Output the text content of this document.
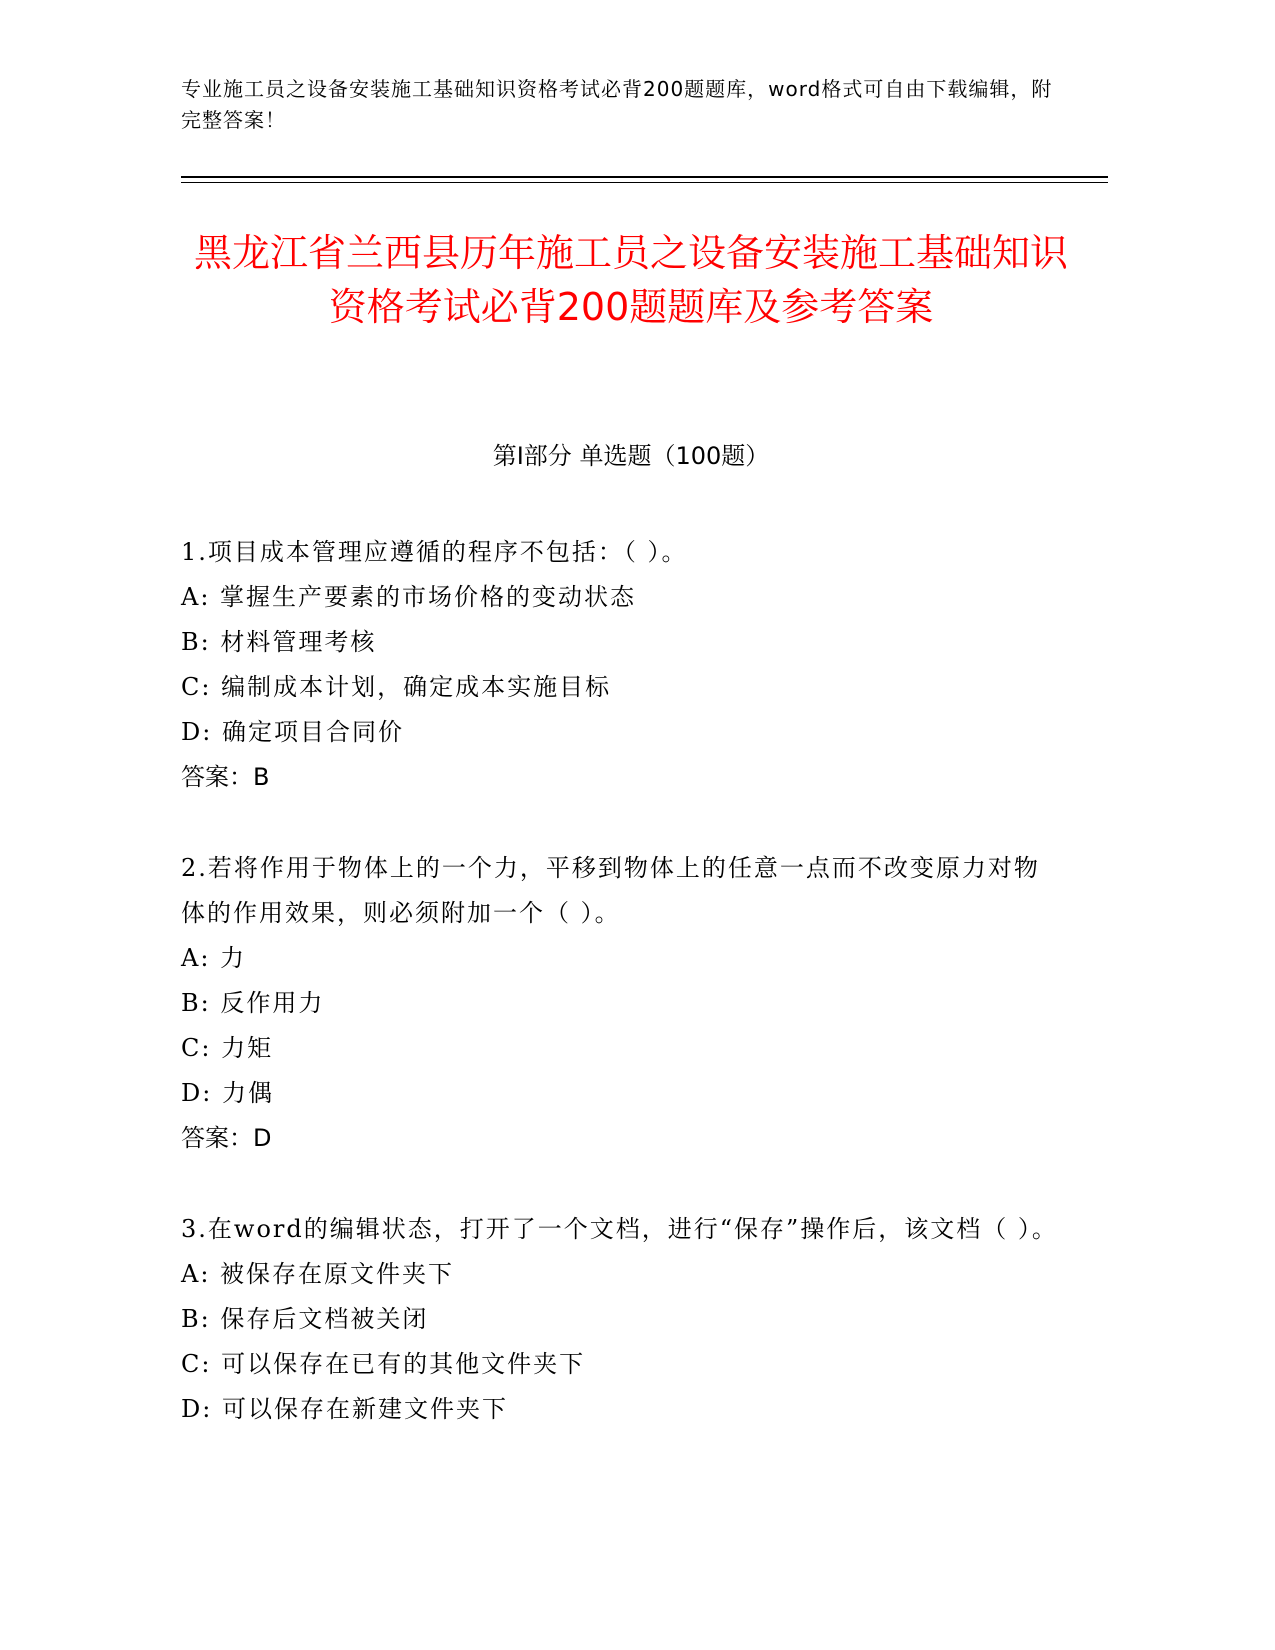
专业施工员之设备安装施工基础知识资格考试必背200题题库，word格式可自由下载编辑，附完整答案！

黑龙江省兰西县历年施工员之设备安装施工基础知识资格考试必背200题题库及参考答案
第Ⅰ部分 单选题（100题）

1.项目成本管理应遵循的程序不包括：（ ）。

A: 掌握生产要素的市场价格的变动状态

B: 材料管理考核

C: 编制成本计划，确定成本实施目标

D: 确定项目合同价

答案：B

2.若将作用于物体上的一个力，平移到物体上的任意一点而不改变原力对物体的作用效果，则必须附加一个（ ）。

A: 力

B: 反作用力

C: 力矩

D: 力偶

答案：D

3.在word的编辑状态，打开了一个文档，进行“保存”操作后，该文档（ ）。

A: 被保存在原文件夹下

B: 保存后文档被关闭

C: 可以保存在已有的其他文件夹下

D: 可以保存在新建文件夹下
